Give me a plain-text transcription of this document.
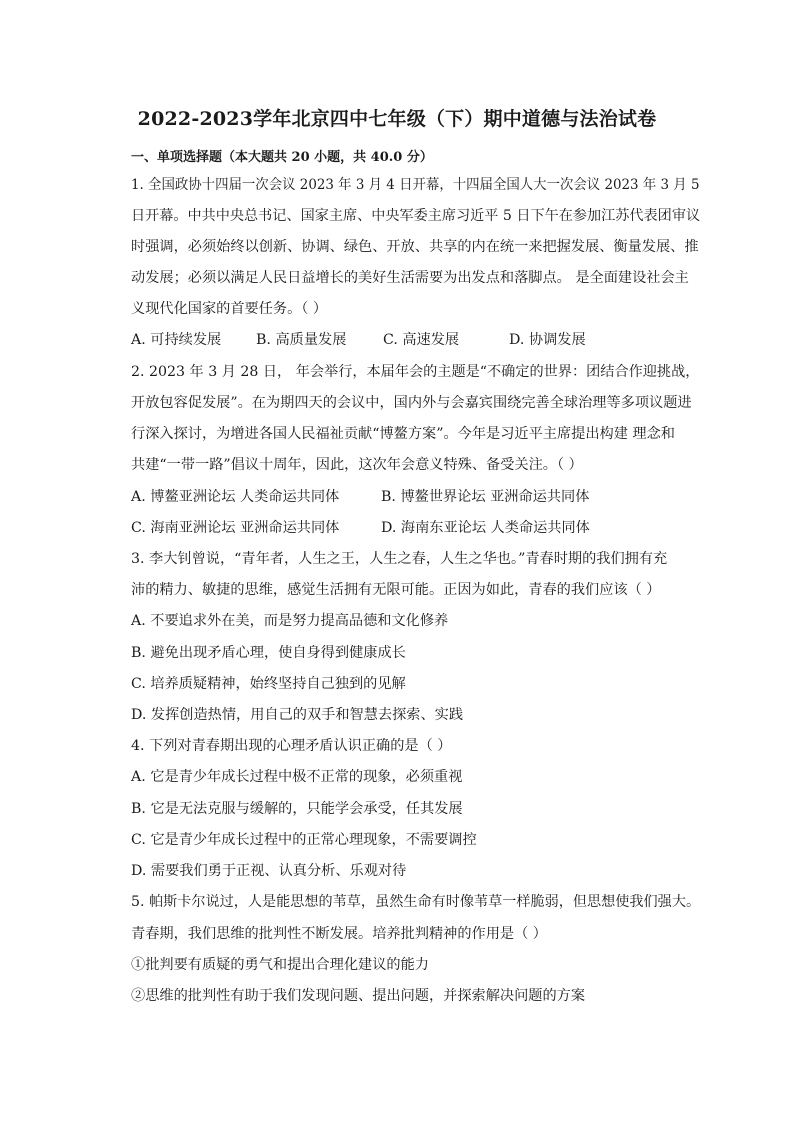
2022-2023学年北京四中七年级（下）期中道德与法治试卷
一、单项选择题（本大题共 20 小题，共 40.0 分）
1. 全国政协十四届一次会议 2023 年 3 月 4 日开幕，十四届全国人大一次会议 2023 年 3 月 5
日开幕。中共中央总书记、国家主席、中央军委主席习近平 5 日下午在参加江苏代表团审议
时强调，必须始终以创新、协调、绿色、开放、共享的内在统一来把握发展、衡量发展、推
动发展；必须以满足人民日益增长的美好生活需要为出发点和落脚点。 是全面建设社会主
义现代化国家的首要任务。（ ）
A. 可持续发展 B. 高质量发展	C. 高速发展	D. 协调发展
2. 2023 年 3 月 28 日， 年会举行，本届年会的主题是“不确定的世界：团结合作迎挑战，
开放包容促发展”。在为期四天的会议中，国内外与会嘉宾围绕完善全球治理等多项议题进
行深入探讨，为增进各国人民福祉贡献“博鳌方案”。今年是习近平主席提出构建 理念和
共建“一带一路”倡议十周年，因此，这次年会意义特殊、备受关注。（ ）
A. 博鳌亚洲论坛 人类命运共同体	B. 博鳌世界论坛 亚洲命运共同体
C. 海南亚洲论坛 亚洲命运共同体	D. 海南东亚论坛 人类命运共同体
3. 李大钊曾说，“青年者，人生之王，人生之春，人生之华也。”青春时期的我们拥有充
沛的精力、敏捷的思维，感觉生活拥有无限可能。正因为如此，青春的我们应该（ ）
A. 不要追求外在美，而是努力提高品德和文化修养
B. 避免出现矛盾心理，使自身得到健康成长
C. 培养质疑精神，始终坚持自己独到的见解
D. 发挥创造热情，用自己的双手和智慧去探索、实践
4. 下列对青春期出现的心理矛盾认识正确的是（ ）
A. 它是青少年成长过程中极不正常的现象，必须重视
B. 它是无法克服与缓解的，只能学会承受，任其发展
C. 它是青少年成长过程中的正常心理现象，不需要调控
D. 需要我们勇于正视、认真分析、乐观对待
5. 帕斯卡尔说过，人是能思想的苇草，虽然生命有时像苇草一样脆弱，但思想使我们强大。
青春期，我们思维的批判性不断发展。培养批判精神的作用是（ ）
①批判要有质疑的勇气和提出合理化建议的能力
②思维的批判性有助于我们发现问题、提出问题，并探索解决问题的方案
